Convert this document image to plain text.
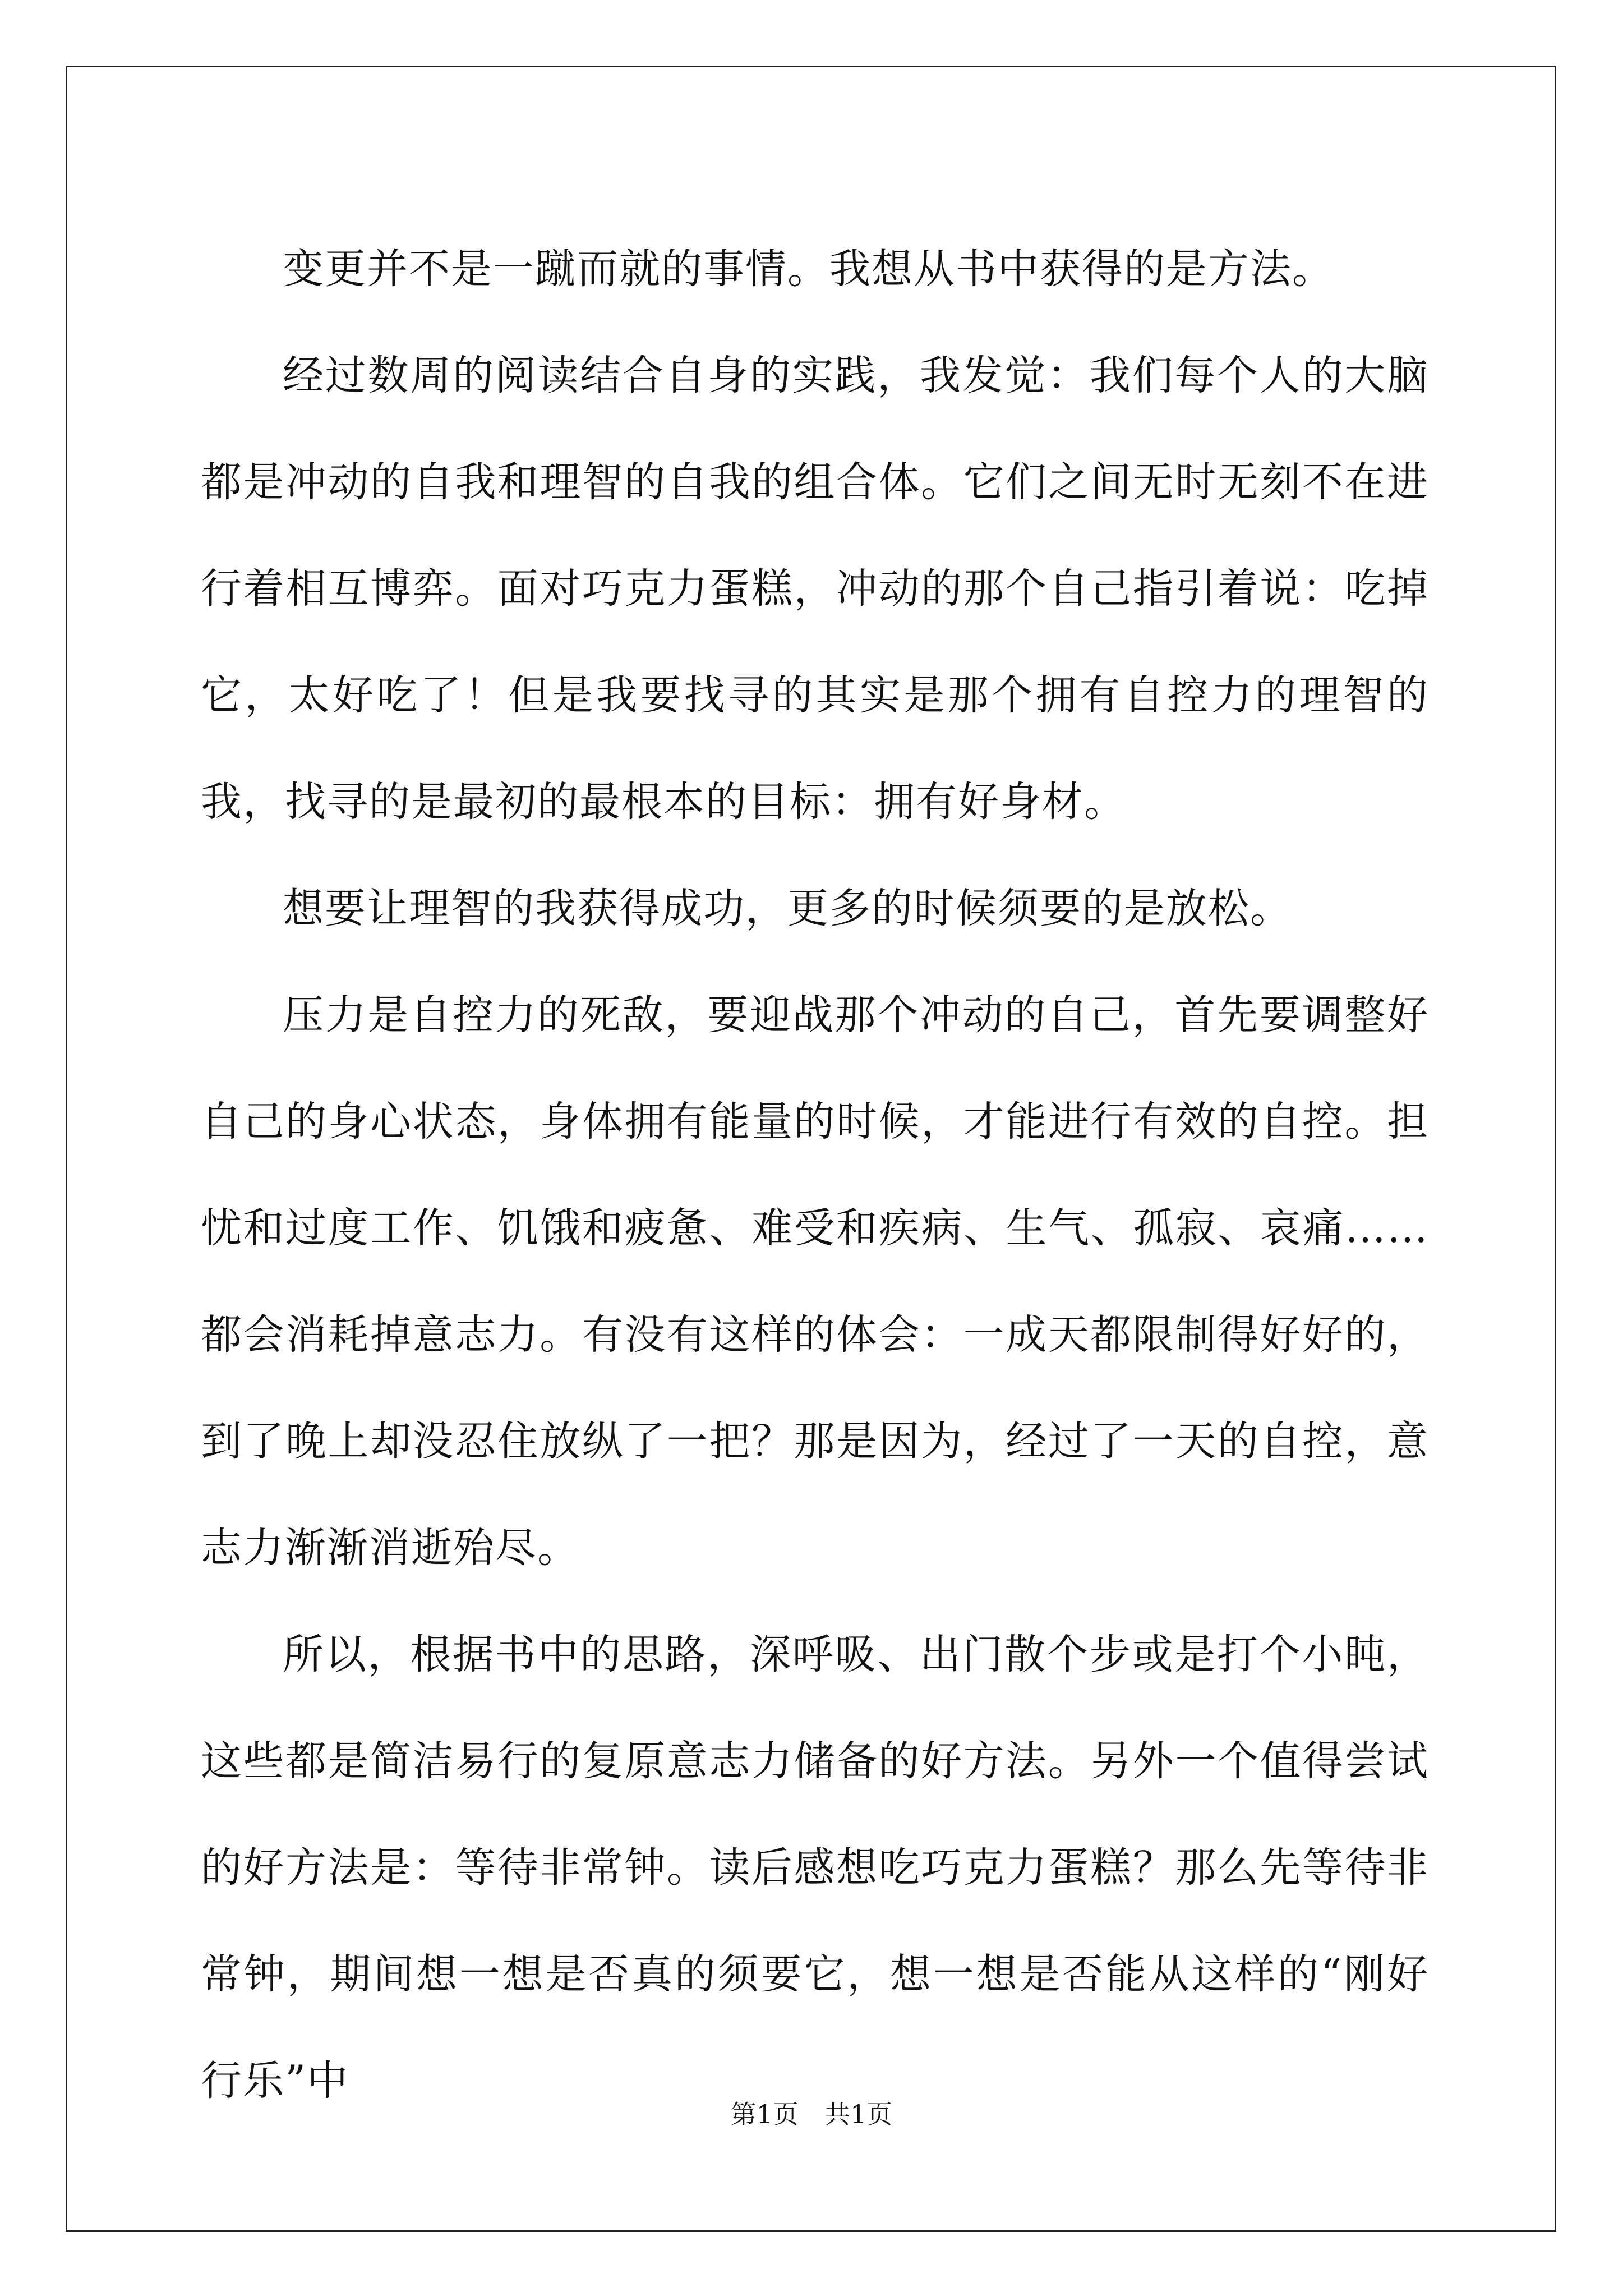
变更并不是一蹴而就的事情。我想从书中获得的是方法。

经过数周的阅读结合自身的实践，我发觉：我们每个人的大脑都是冲动的自我和理智的自我的组合体。它们之间无时无刻不在进行着相互博弈。面对巧克力蛋糕，冲动的那个自己指引着说：吃掉它，太好吃了！但是我要找寻的其实是那个拥有自控力的理智的我，找寻的是最初的最根本的目标：拥有好身材。

想要让理智的我获得成功，更多的时候须要的是放松。

压力是自控力的死敌，要迎战那个冲动的自己，首先要调整好自己的身心状态，身体拥有能量的时候，才能进行有效的自控。担忧和过度工作、饥饿和疲惫、难受和疾病、生气、孤寂、哀痛……都会消耗掉意志力。有没有这样的体会：一成天都限制得好好的，到了晚上却没忍住放纵了一把？那是因为，经过了一天的自控，意志力渐渐消逝殆尽。

所以，根据书中的思路，深呼吸、出门散个步或是打个小盹，这些都是简洁易行的复原意志力储备的好方法。另外一个值得尝试的好方法是：等待非常钟。读后感想吃巧克力蛋糕？那么先等待非常钟，期间想一想是否真的须要它，想一想是否能从这样的“刚好行乐”中

第1页　共1页
